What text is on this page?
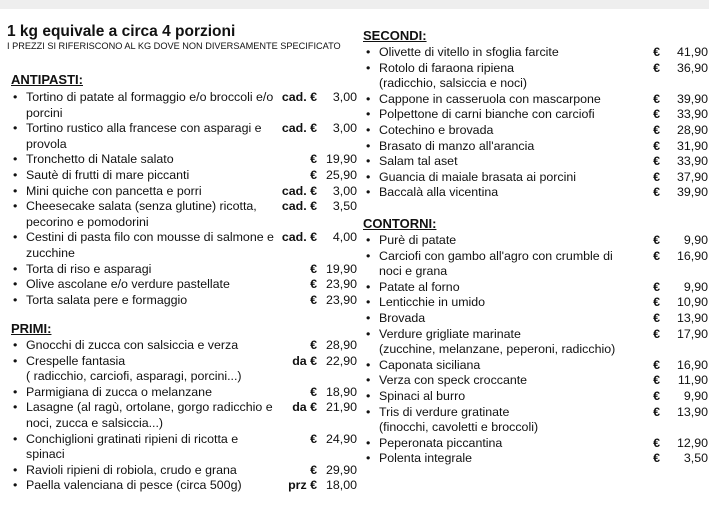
1 kg equivale a circa 4 porzioni
I PREZZI SI RIFERISCONO AL KG DOVE NON DIVERSAMENTE SPECIFICATO
ANTIPASTI:
• Tortino di patate al formaggio e/o broccoli e/o porcini
cad. € 3,00
• Tortino rustico alla francese con asparagi e provola
cad. € 3,00
• Tronchetto di Natale salato	€ 19,90
• Sautè di frutti di mare piccanti	€ 25,90
• Mini quiche con pancetta e porri	cad. € 3,00
• Cheesecake salata (senza glutine) ricotta, pecorino e pomodorini
cad. € 3,50
• Cestini di pasta filo con mousse di salmone e zucchine
cad. € 4,00
• Torta di riso e asparagi	€ 19,90
• Olive ascolane e/o verdure pastellate	€ 23,90
• Torta salata pere e formaggio	€ 23,90
PRIMI:
• Gnocchi di zucca con salsiccia e verza	€ 28,90
• Crespelle fantasia
( radicchio, carciofi, asparagi, porcini...)
da € 22,90
• Parmigiana di zucca o melanzane	€ 18,90
• Lasagne (al ragù, ortolane, gorgo radicchio e noci, zucca e salsiccia...)
da € 21,90
• Conchiglioni gratinati ripieni di ricotta e spinaci
€ 24,90
• Ravioli ripieni di robiola, crudo e grana	€ 29,90
• Paella valenciana di pesce (circa 500g)	prz € 18,00
SECONDI:
• Olivette di vitello in sfoglia farcite	€ 41,90
• Rotolo di faraona ripiena
(radicchio, salsiccia e noci)
€ 36,90
• Cappone in casseruola con mascarpone	€ 39,90
• Polpettone di carni bianche con carciofi	€ 33,90
• Cotechino e brovada	€ 28,90
• Brasato di manzo all'arancia	€ 31,90
• Salam tal aset	€ 33,90
• Guancia di maiale brasata ai porcini	€ 37,90
• Baccalà alla vicentina	€ 39,90
CONTORNI:
• Purè di patate	€ 9,90
• Carciofi con gambo all'agro con crumble di noci e grana
€ 16,90
• Patate al forno	€ 9,90
• Lenticchie in umido	€ 10,90
• Brovada	€ 13,90
• Verdure grigliate marinate
(zucchine, melanzane, peperoni, radicchio)
€ 17,90
• Caponata siciliana	€ 16,90
• Verza con speck croccante	€ 11,90
• Spinaci al burro	€ 9,90
• Tris di verdure gratinate
(finocchi, cavoletti e broccoli)
€ 13,90
• Peperonata piccantina	€ 12,90
• Polenta integrale	€ 3,50
